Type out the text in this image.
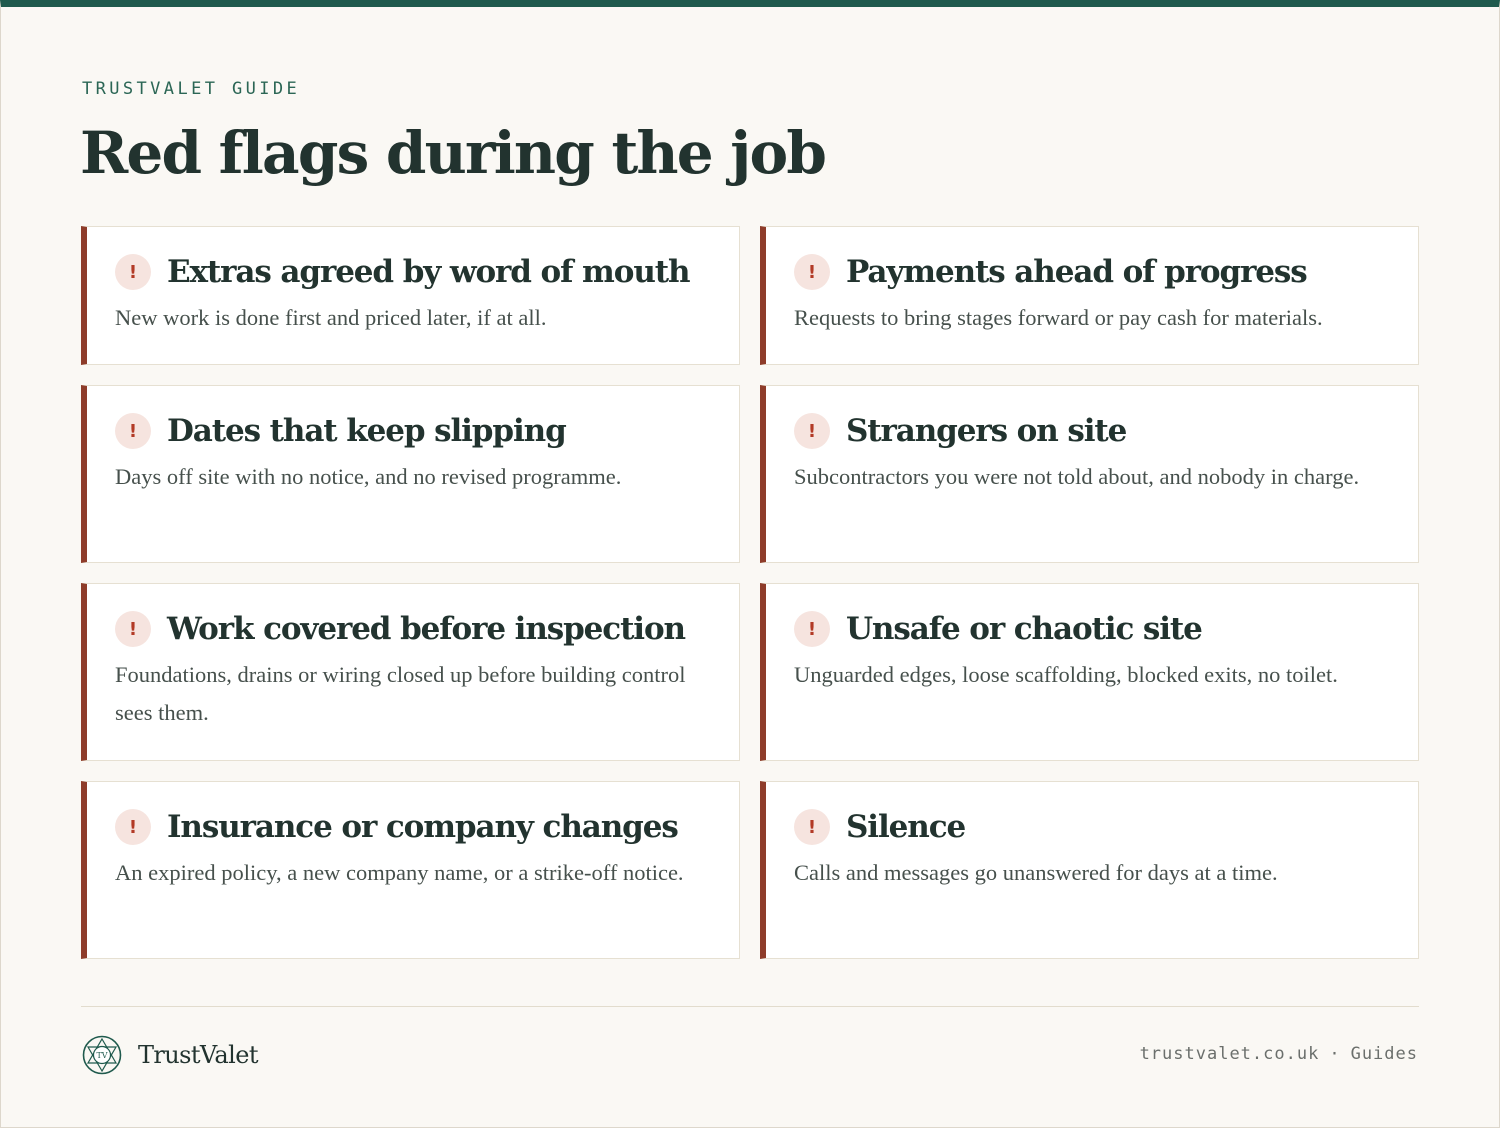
TRUSTVALET GUIDE
Red flags during the job
! Extras agreed by word of mouth

New work is done first and priced later, if at all.

! Payments ahead of progress

Requests to bring stages forward or pay cash for materials.

! Dates that keep slipping

Days off site with no notice, and no revised programme.

! Strangers on site

Subcontractors you were not told about, and nobody in charge.

! Work covered before inspection

Foundations, drains or wiring closed up before building control sees them.

! Unsafe or chaotic site

Unguarded edges, loose scaffolding, blocked exits, no toilet.

! Insurance or company changes

An expired policy, a new company name, or a strike-off notice.

! Silence

Calls and messages go unanswered for days at a time.

TV TrustValet	trustvalet.co.uk · Guides
